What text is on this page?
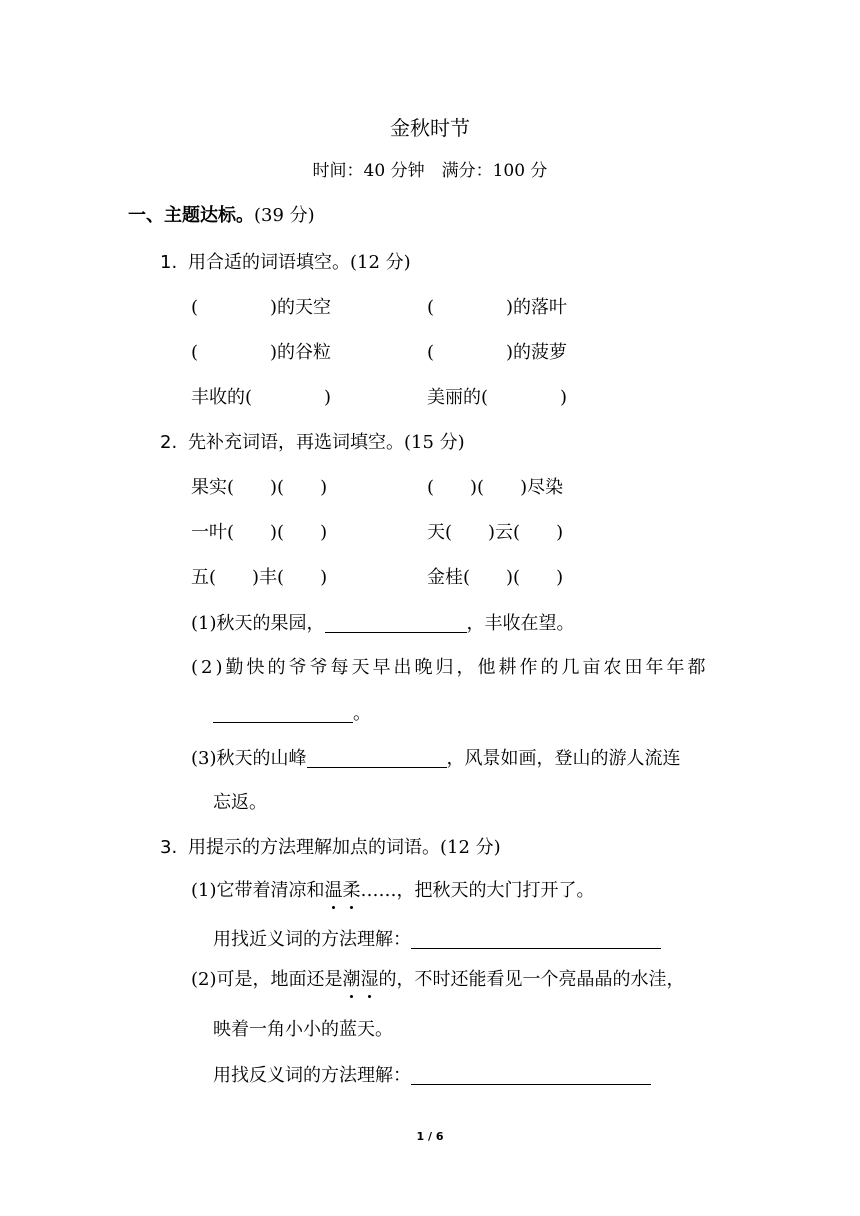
金秋时节
时间：40 分钟　满分：100 分
一、主题达标。(39 分)
1. 用合适的词语填空。(12 分)
(　　　　)的天空	(　　　　)的落叶
(　　　　)的谷粒	(　　　　)的菠萝
丰收的(　　　　)	美丽的(　　　　)
2. 先补充词语，再选词填空。(15 分)
果实(　　)(　　)	(　　)(　　)尽染
一叶(　　)(　　)	天(　　)云(　　)
五(　　)丰(　　)	金桂(　　)(　　)
(1)秋天的果园，	，丰收在望。
(2)勤快的爷爷每天早出晚归，他耕作的几亩农田年年都
。
(3)秋天的山峰	，风景如画，登山的游人流连
忘返。
3. 用提示的方法理解加点的词语。(12 分)
(1)它带着清凉和温柔……，把秋天的大门打开了。
用找近义词的方法理解：
(2)可是，地面还是潮湿的，不时还能看见一个亮晶晶的水洼，
映着一角小小的蓝天。
用找反义词的方法理解：
1 / 6
